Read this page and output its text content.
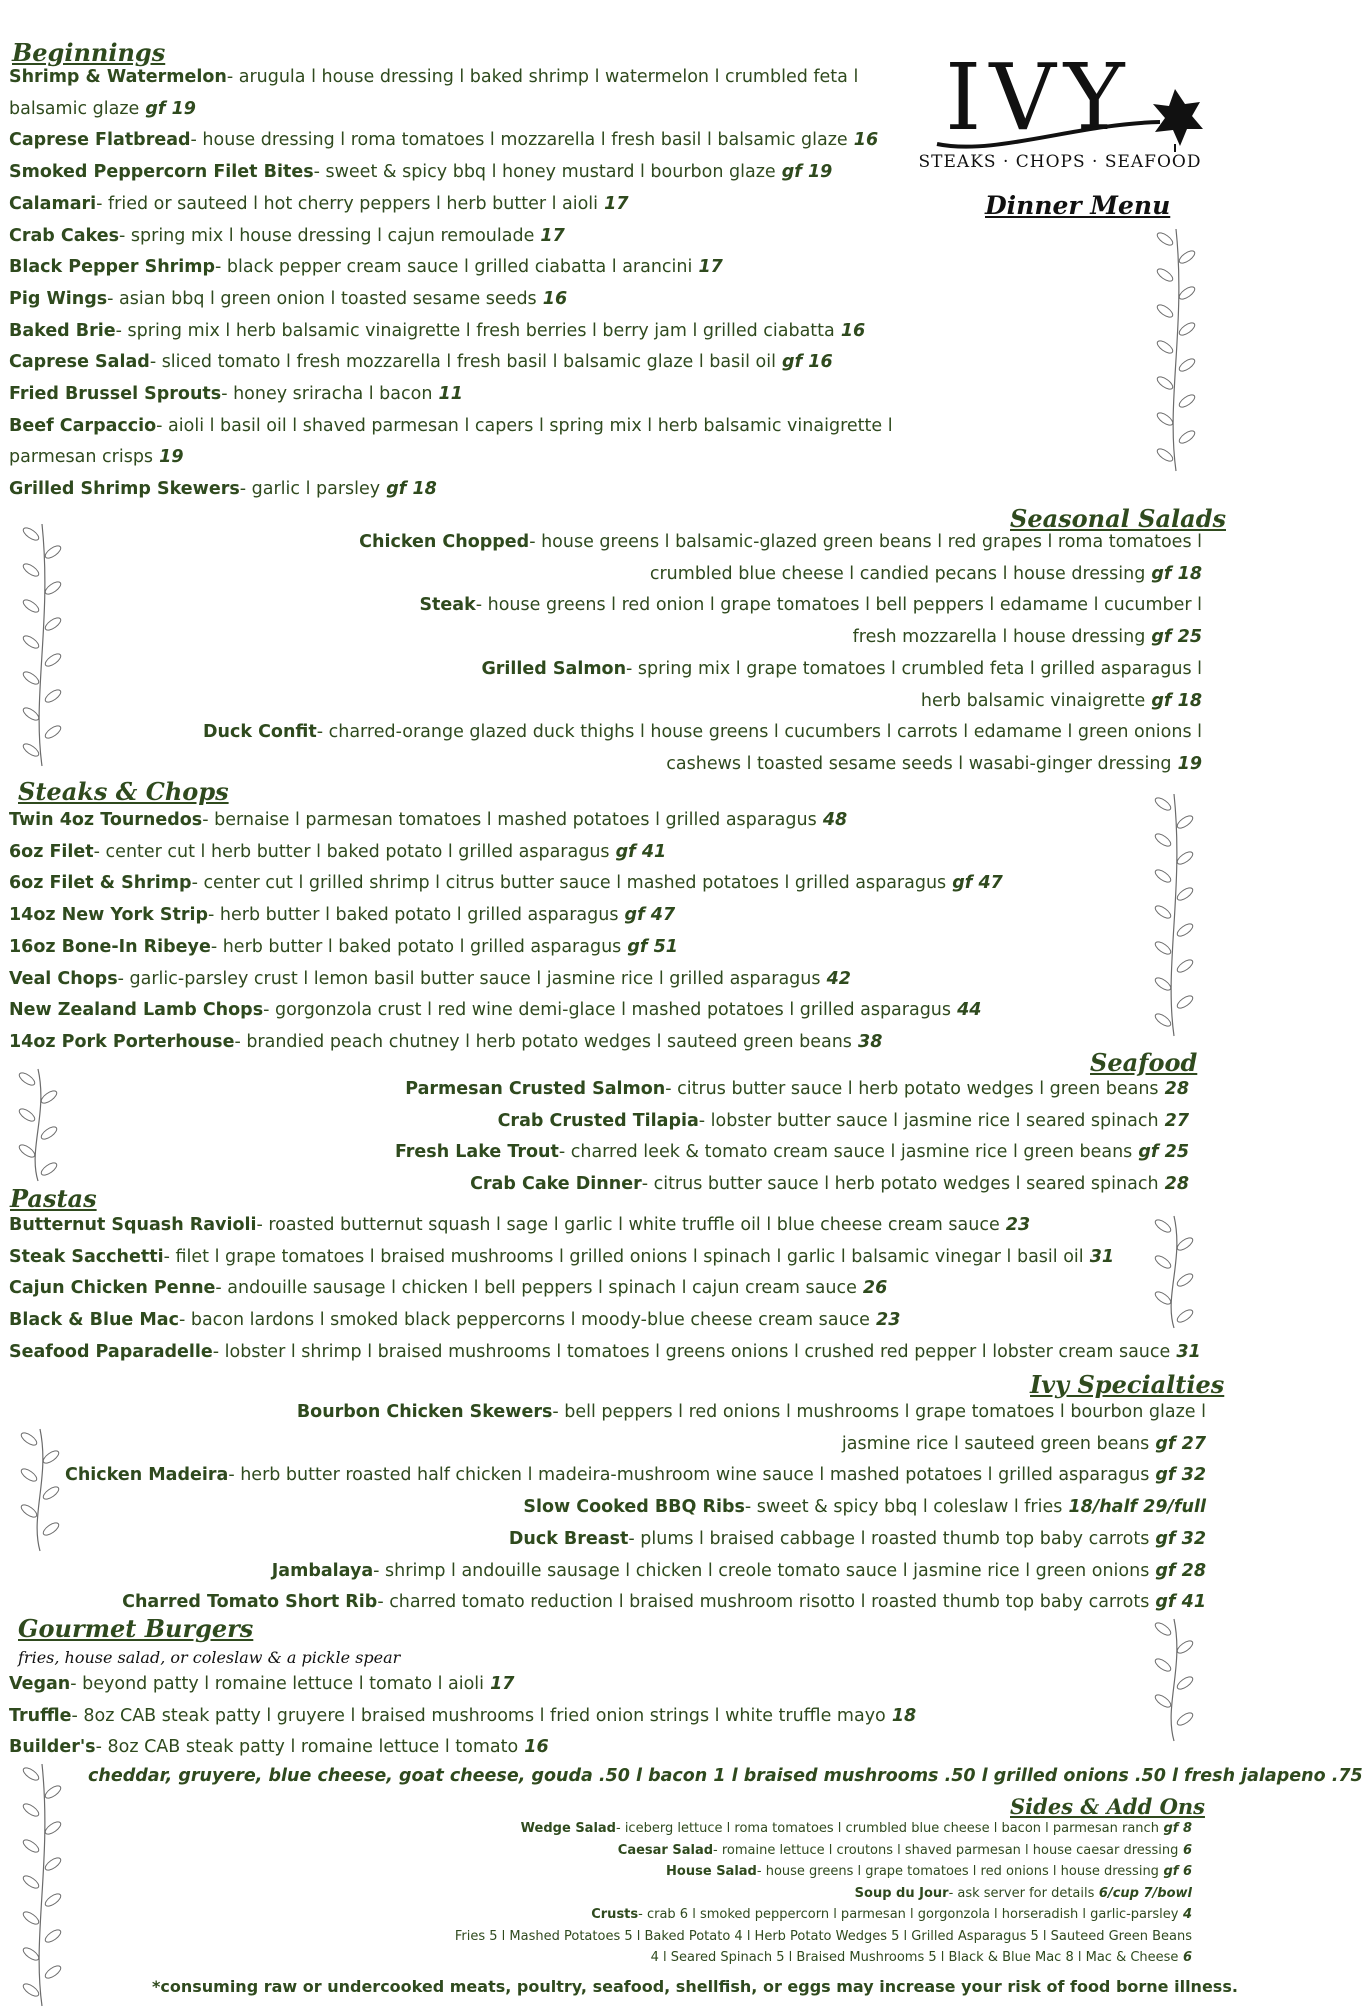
IVY
STEAKS · CHOPS · SEAFOOD
Dinner Menu
Beginnings
Seasonal Salads
Steaks & Chops
Seafood
Pastas
Ivy Specialties
Gourmet Burgers
Sides & Add Ons
fries, house salad, or coleslaw & a pickle spear
Shrimp & Watermelon- arugula l house dressing l baked shrimp l watermelon l crumbled feta l
balsamic glaze gf 19
Caprese Flatbread- house dressing l roma tomatoes l mozzarella l fresh basil l balsamic glaze 16
Smoked Peppercorn Filet Bites- sweet & spicy bbq l honey mustard l bourbon glaze gf 19
Calamari- fried or sauteed l hot cherry peppers l herb butter l aioli 17
Crab Cakes- spring mix l house dressing l cajun remoulade 17
Black Pepper Shrimp- black pepper cream sauce l grilled ciabatta l arancini 17
Pig Wings- asian bbq l green onion l toasted sesame seeds 16
Baked Brie- spring mix l herb balsamic vinaigrette l fresh berries l berry jam l grilled ciabatta 16
Caprese Salad- sliced tomato l fresh mozzarella l fresh basil l balsamic glaze l basil oil gf 16
Fried Brussel Sprouts- honey sriracha l bacon 11
Beef Carpaccio- aioli l basil oil l shaved parmesan l capers l spring mix l herb balsamic vinaigrette l
parmesan crisps 19
Grilled Shrimp Skewers- garlic l parsley gf 18
Chicken Chopped- house greens l balsamic-glazed green beans l red grapes l roma tomatoes l
crumbled blue cheese l candied pecans l house dressing gf 18
Steak- house greens l red onion l grape tomatoes l bell peppers l edamame l cucumber l
fresh mozzarella l house dressing gf 25
Grilled Salmon- spring mix l grape tomatoes l crumbled feta l grilled asparagus l
herb balsamic vinaigrette gf 18
Duck Confit- charred-orange glazed duck thighs l house greens l cucumbers l carrots l edamame l green onions l
cashews l toasted sesame seeds l wasabi-ginger dressing 19
Twin 4oz Tournedos- bernaise l parmesan tomatoes l mashed potatoes l grilled asparagus 48
6oz Filet- center cut l herb butter l baked potato l grilled asparagus gf 41
6oz Filet & Shrimp- center cut l grilled shrimp l citrus butter sauce l mashed potatoes l grilled asparagus gf 47
14oz New York Strip- herb butter l baked potato l grilled asparagus gf 47
16oz Bone-In Ribeye- herb butter l baked potato l grilled asparagus gf 51
Veal Chops- garlic-parsley crust l lemon basil butter sauce l jasmine rice l grilled asparagus 42
New Zealand Lamb Chops- gorgonzola crust l red wine demi-glace l mashed potatoes l grilled asparagus 44
14oz Pork Porterhouse- brandied peach chutney l herb potato wedges l sauteed green beans 38
Parmesan Crusted Salmon- citrus butter sauce l herb potato wedges l green beans 28
Crab Crusted Tilapia- lobster butter sauce l jasmine rice l seared spinach 27
Fresh Lake Trout- charred leek & tomato cream sauce l jasmine rice l green beans gf 25
Crab Cake Dinner- citrus butter sauce l herb potato wedges l seared spinach 28
Butternut Squash Ravioli- roasted butternut squash l sage l garlic l white truffle oil l blue cheese cream sauce 23
Steak Sacchetti- filet l grape tomatoes l braised mushrooms l grilled onions l spinach l garlic l balsamic vinegar l basil oil 31
Cajun Chicken Penne- andouille sausage l chicken l bell peppers l spinach l cajun cream sauce 26
Black & Blue Mac- bacon lardons l smoked black peppercorns l moody-blue cheese cream sauce 23
Seafood Paparadelle- lobster l shrimp l braised mushrooms l tomatoes l greens onions l crushed red pepper l lobster cream sauce 31
Bourbon Chicken Skewers- bell peppers l red onions l mushrooms l grape tomatoes l bourbon glaze l
jasmine rice l sauteed green beans gf 27
Chicken Madeira- herb butter roasted half chicken l madeira-mushroom wine sauce l mashed potatoes l grilled asparagus gf 32
Slow Cooked BBQ Ribs- sweet & spicy bbq l coleslaw l fries 18/half 29/full
Duck Breast- plums l braised cabbage l roasted thumb top baby carrots gf 32
Jambalaya- shrimp l andouille sausage l chicken l creole tomato sauce l jasmine rice l green onions gf 28
Charred Tomato Short Rib- charred tomato reduction l braised mushroom risotto l roasted thumb top baby carrots gf 41
Vegan- beyond patty l romaine lettuce l tomato l aioli 17
Truffle- 8oz CAB steak patty l gruyere l braised mushrooms l fried onion strings l white truffle mayo 18
Builder's- 8oz CAB steak patty l romaine lettuce l tomato 16
Wedge Salad- iceberg lettuce l roma tomatoes l crumbled blue cheese l bacon l parmesan ranch gf 8
Caesar Salad- romaine lettuce l croutons l shaved parmesan l house caesar dressing 6
House Salad- house greens l grape tomatoes l red onions l house dressing gf 6
Soup du Jour- ask server for details 6/cup 7/bowl
Crusts- crab 6 l smoked peppercorn l parmesan l gorgonzola l horseradish l garlic-parsley 4
Fries 5 l Mashed Potatoes 5 l Baked Potato 4 l Herb Potato Wedges 5 l Grilled Asparagus 5 l Sauteed Green Beans
4 l Seared Spinach 5 l Braised Mushrooms 5 l Black & Blue Mac 8 l Mac & Cheese 6
cheddar, gruyere, blue cheese, goat cheese, gouda .50 l bacon 1 l braised mushrooms .50 l grilled onions .50 l fresh jalapeno .75
*consuming raw or undercooked meats, poultry, seafood, shellfish, or eggs may increase your risk of food borne illness.
